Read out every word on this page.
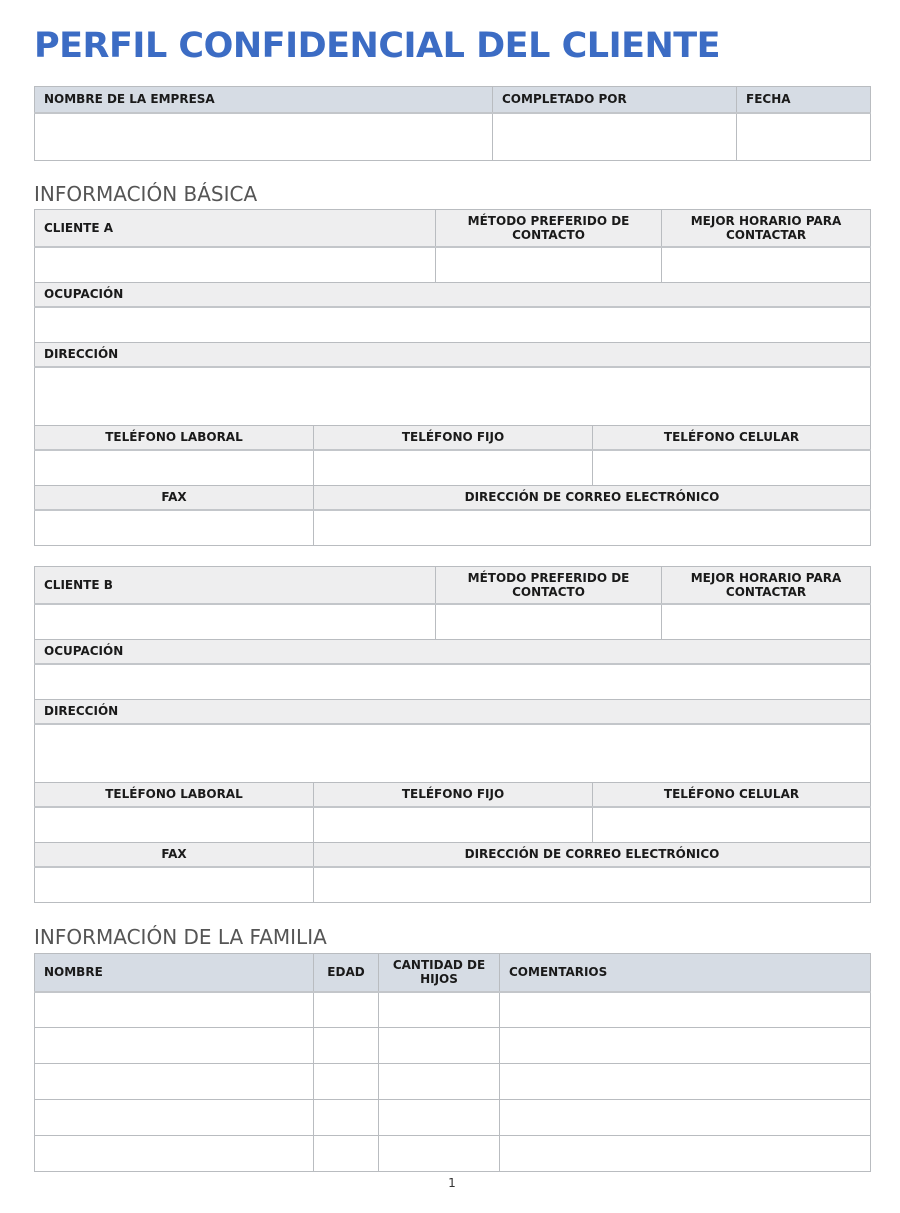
PERFIL CONFIDENCIAL DEL CLIENTE
NOMBRE DE LA EMPRESA	COMPLETADO POR	FECHA

INFORMACIÓN BÁSICA
CLIENTE A		MÉTODO PREFERIDO DE CONTACTO		MEJOR HORARIO PARA CONTACTAR

OCUPACIÓN				

DIRECCIÓN				

TELÉFONO LABORAL	TELÉFONO FIJO		TELÉFONO CELULAR	

FAX	DIRECCIÓN DE CORREO ELECTRÓNICO			

CLIENTE B		MÉTODO PREFERIDO DE CONTACTO		MEJOR HORARIO PARA CONTACTAR

OCUPACIÓN				

DIRECCIÓN				

TELÉFONO LABORAL	TELÉFONO FIJO		TELÉFONO CELULAR	

FAX	DIRECCIÓN DE CORREO ELECTRÓNICO			

INFORMACIÓN DE LA FAMILIA
NOMBRE	EDAD	CANTIDAD DE HIJOS	COMENTARIOS

1
